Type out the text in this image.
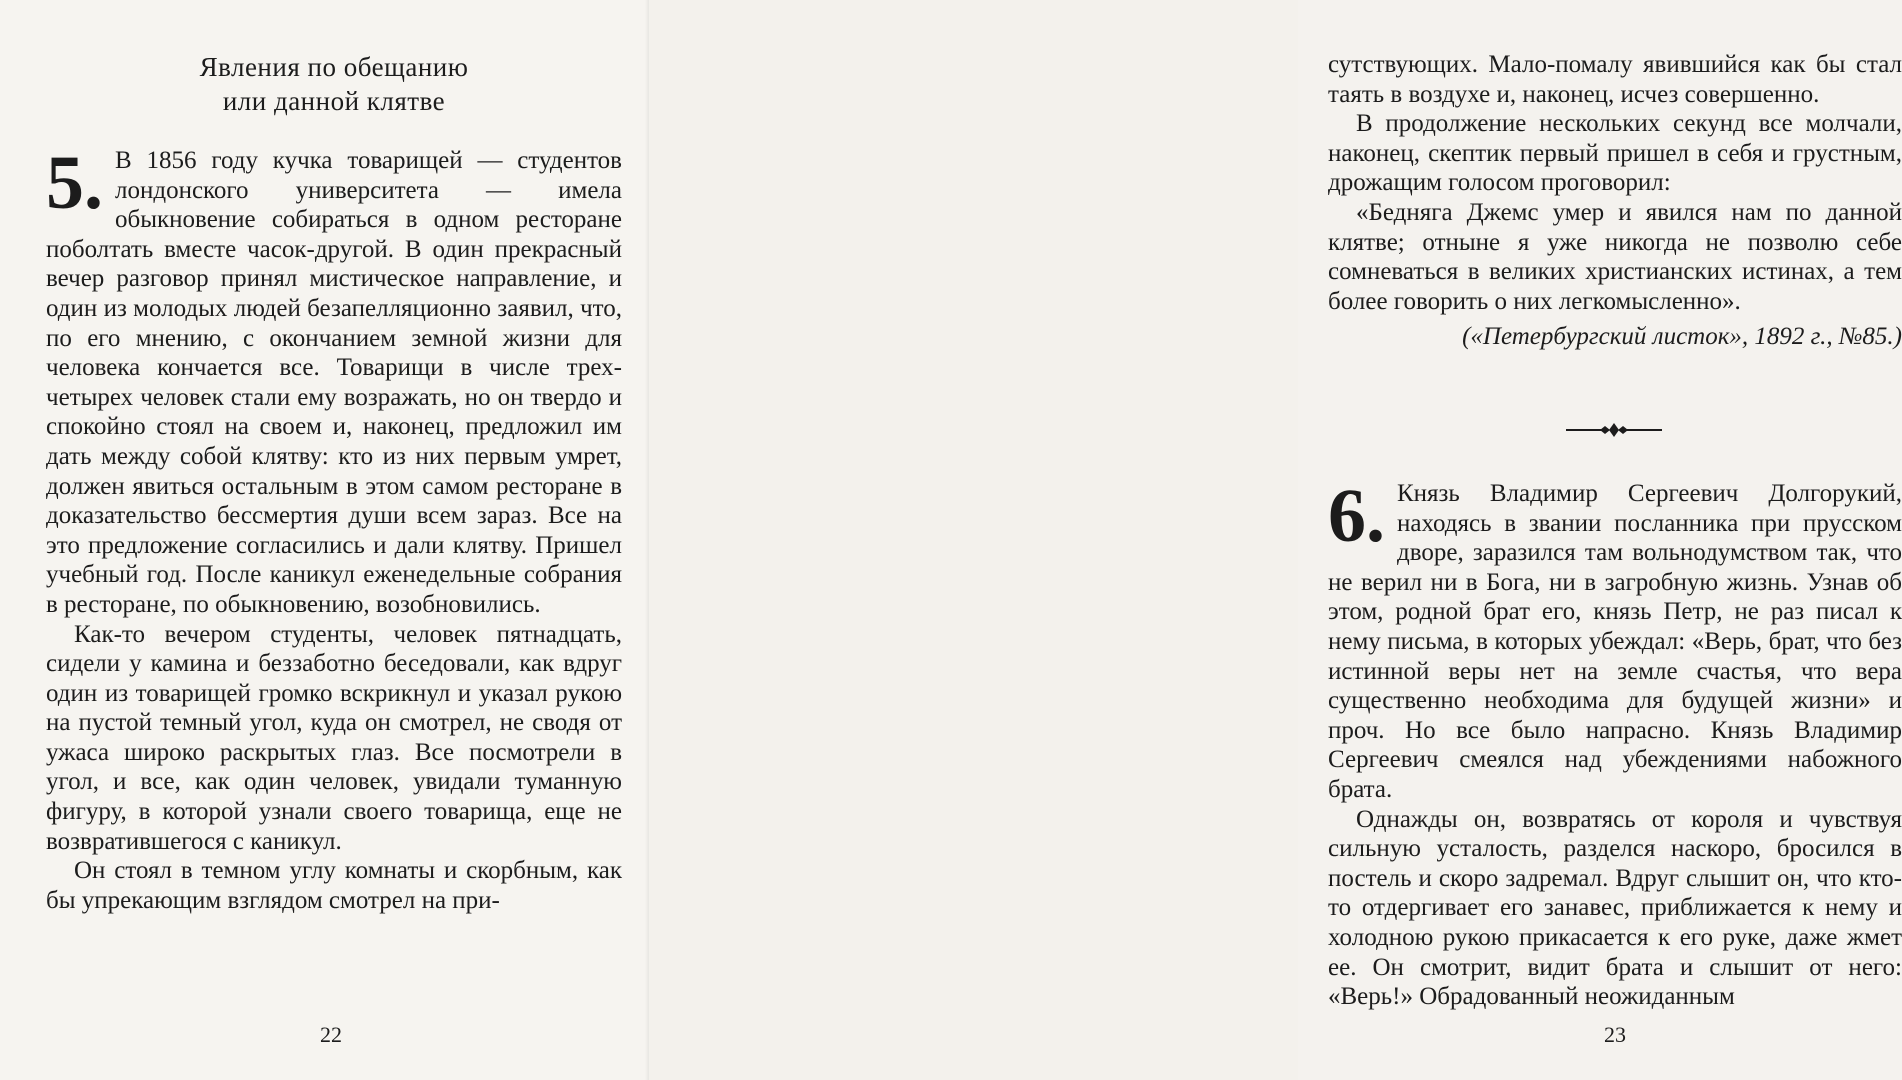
Явления по обещанию
или данной клятве

5. В 1856 году кучка товарищей — студентов лондонского университета — имела обыкновение собираться в одном ресторане поболтать вместе часок-другой. В один прекрасный вечер разговор принял мистическое направление, и один из молодых людей безапелляционно заявил, что, по его мнению, с окончанием земной жизни для человека кончается все. Товарищи в числе трех-четырех человек стали ему возражать, но он твердо и спокойно стоял на своем и, наконец, предложил им дать между собой клятву: кто из них первым умрет, должен явиться остальным в этом самом ресторане в доказательство бессмертия души всем зараз. Все на это предложение согласились и дали клятву. Пришел учебный год. После каникул еженедельные собрания в ресторане, по обыкновению, возобновились.

Как-то вечером студенты, человек пятнадцать, сидели у камина и беззаботно беседовали, как вдруг один из товарищей громко вскрикнул и указал рукою на пустой темный угол, куда он смотрел, не сводя от ужаса широко раскрытых глаз. Все посмотрели в угол, и все, как один человек, увидали туманную фигуру, в которой узнали своего товарища, еще не возвратившегося с каникул.

Он стоял в темном углу комнаты и скорбным, как бы упрекающим взглядом смотрел на при-

22

сутствующих. Мало-помалу явившийся как бы стал таять в воздухе и, наконец, исчез совершенно.

В продолжение нескольких секунд все молчали, наконец, скептик первый пришел в себя и грустным, дрожащим голосом проговорил:

«Бедняга Джемс умер и явился нам по данной клятве; отныне я уже никогда не позволю себе сомневаться в великих христианских истинах, а тем более говорить о них легкомысленно».

(«Петербургский листок», 1892 г., №85.)

6. Князь Владимир Сергеевич Долгорукий, находясь в звании посланника при прусском дворе, заразился там вольнодумством так, что не верил ни в Бога, ни в загробную жизнь. Узнав об этом, родной брат его, князь Петр, не раз писал к нему письма, в которых убеждал: «Верь, брат, что без истинной веры нет на земле счастья, что вера существенно необходима для будущей жизни» и проч. Но все было напрасно. Князь Владимир Сергеевич смеялся над убеждениями набожного брата.

Однажды он, возвратясь от короля и чувствуя сильную усталость, разделся наскоро, бросился в постель и скоро задремал. Вдруг слышит он, что кто-то отдергивает его занавес, приближается к нему и холодною рукою прикасается к его руке, даже жмет ее. Он смотрит, видит брата и слышит от него: «Верь!» Обрадованный неожиданным

23
